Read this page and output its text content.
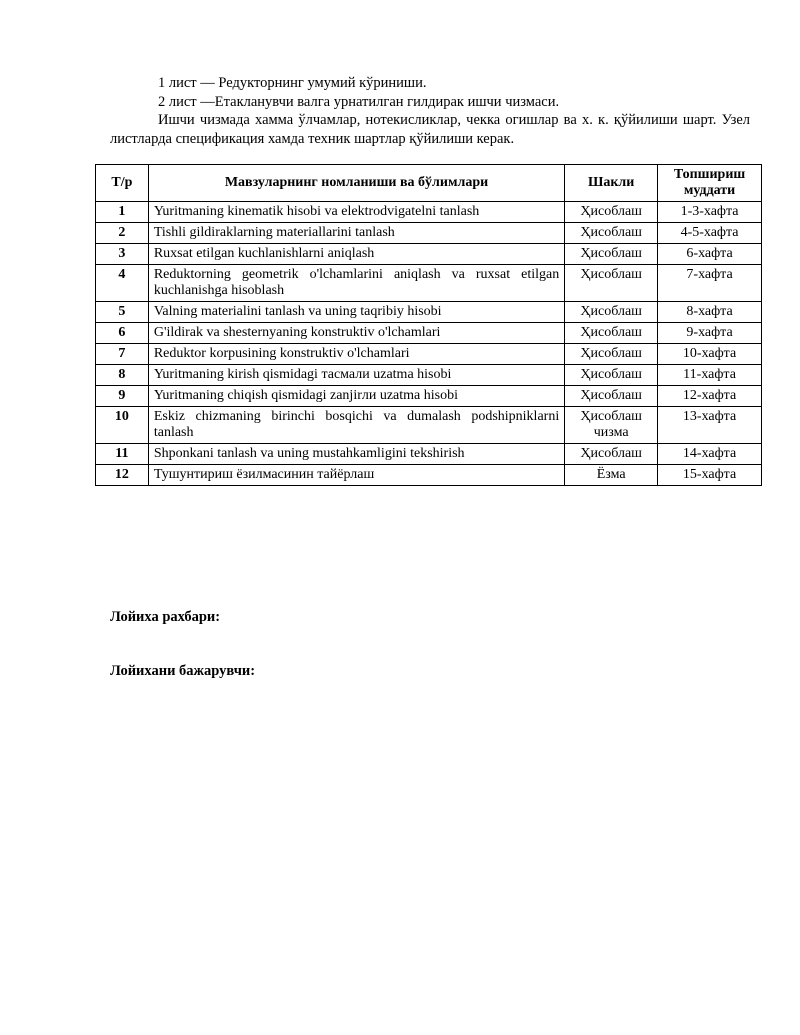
1 лист — Редукторнинг умумий кўриниши.

2 лист —Етакланувчи валга урнатилган гилдирак ишчи чизмаси.

Ишчи чизмада хамма ўлчамлар, нотекисликлар, чекка огишлар ва х. к. қўйилиши шарт. Узел листларда спецификация хамда техник шартлар қўйилиши керак.

Т/р	Мавзуларнинг номланиши ва бўлимлари	Шакли	Топшириш муддати
1	Yuritmaning kinematik hisobi va elektrodvigatelni tanlash	Ҳисоблаш	1-3-хафта
2	Tishli gildiraklarning materiallarini tanlash	Ҳисоблаш	4-5-хафта
3	Ruxsat etilgan kuchlanishlarni aniqlash	Ҳисоблаш	6-хафта
4	Reduktorning geometrik o'lchamlarini aniqlash va ruxsat etilgan kuchlanishga hisoblash	Ҳисоблаш	7-хафта
5	Valning materialini tanlash va uning taqribiy hisobi	Ҳисоблаш	8-хафта
6	G'ildirak va shesternyaning konstruktiv o'lchamlari	Ҳисоблаш	9-хафта
7	Reduktor korpusining konstruktiv o'lchamlari	Ҳисоблаш	10-хафта
8	Yuritmaning kirish qismidagi тасмали uzatma hisobi	Ҳисоблаш	11-хафта
9	Yuritmaning chiqish qismidagi zanjirли uzatma hisobi	Ҳисоблаш	12-хафта
10	Eskiz chizmaning birinchi bosqichi va dumalash podshipniklarni tanlash	Ҳисоблаш чизма	13-хафта
11	Shponkani tanlash va uning mustahkamligini tekshirish	Ҳисоблаш	14-хафта
12	Тушунтириш ёзилмасинин тайёрлаш	Ёзма	15-хафта
Лойиха рахбари:
Лойихани бажарувчи:
